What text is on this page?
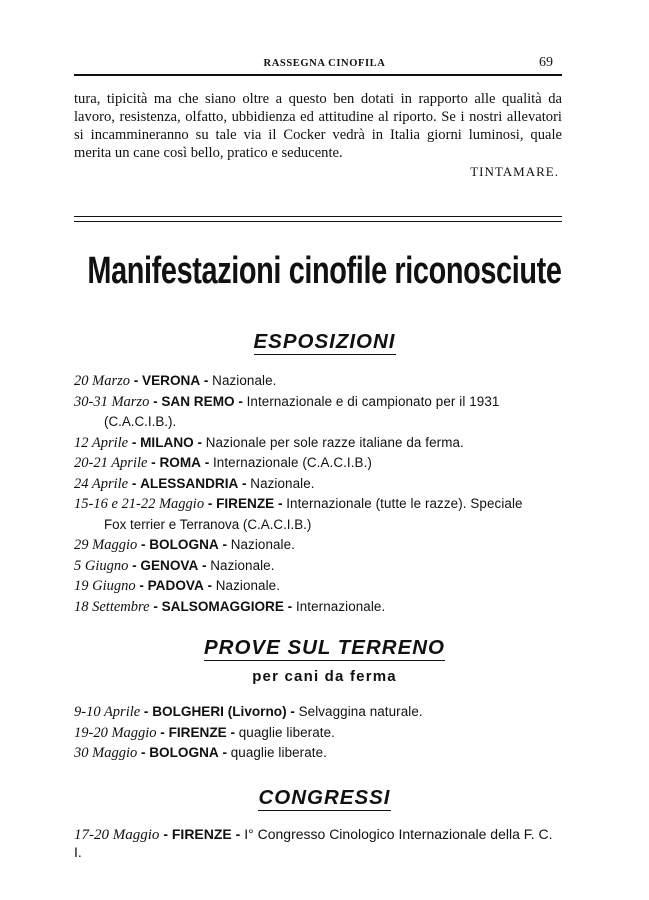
RASSEGNA CINOFILA	69
tura, tipicità ma che siano oltre a questo ben dotati in rapporto alle qualità da lavoro, resistenza, olfatto, ubbidienza ed attitudine al riporto. Se i nostri allevatori si incammineranno su tale via il Cocker vedrà in Italia giorni luminosi, quale merita un cane così bello, pratico e seducente.
TINTAMARE.
Manifestazioni cinofile riconosciute
ESPOSIZIONI
20 Marzo - VERONA - Nazionale.
30-31 Marzo - SAN REMO - Internazionale e di campionato per il 1931
(C.A.C.I.B.).
12 Aprile - MILANO - Nazionale per sole razze italiane da ferma.
20-21 Aprile - ROMA - Internazionale (C.A.C.I.B.)
24 Aprile - ALESSANDRIA - Nazionale.
15-16 e 21-22 Maggio - FIRENZE - Internazionale (tutte le razze). Speciale
Fox terrier e Terranova (C.A.C.I.B.)
29 Maggio - BOLOGNA - Nazionale.
5 Giugno - GENOVA - Nazionale.
19 Giugno - PADOVA - Nazionale.
18 Settembre - SALSOMAGGIORE - Internazionale.
PROVE SUL TERRENO
per cani da ferma
9-10 Aprile - BOLGHERI (Livorno) - Selvaggina naturale.
19-20 Maggio - FIRENZE - quaglie liberate.
30 Maggio - BOLOGNA - quaglie liberate.
CONGRESSI
17-20 Maggio - FIRENZE - I° Congresso Cinologico Internazionale della F. C. I.
